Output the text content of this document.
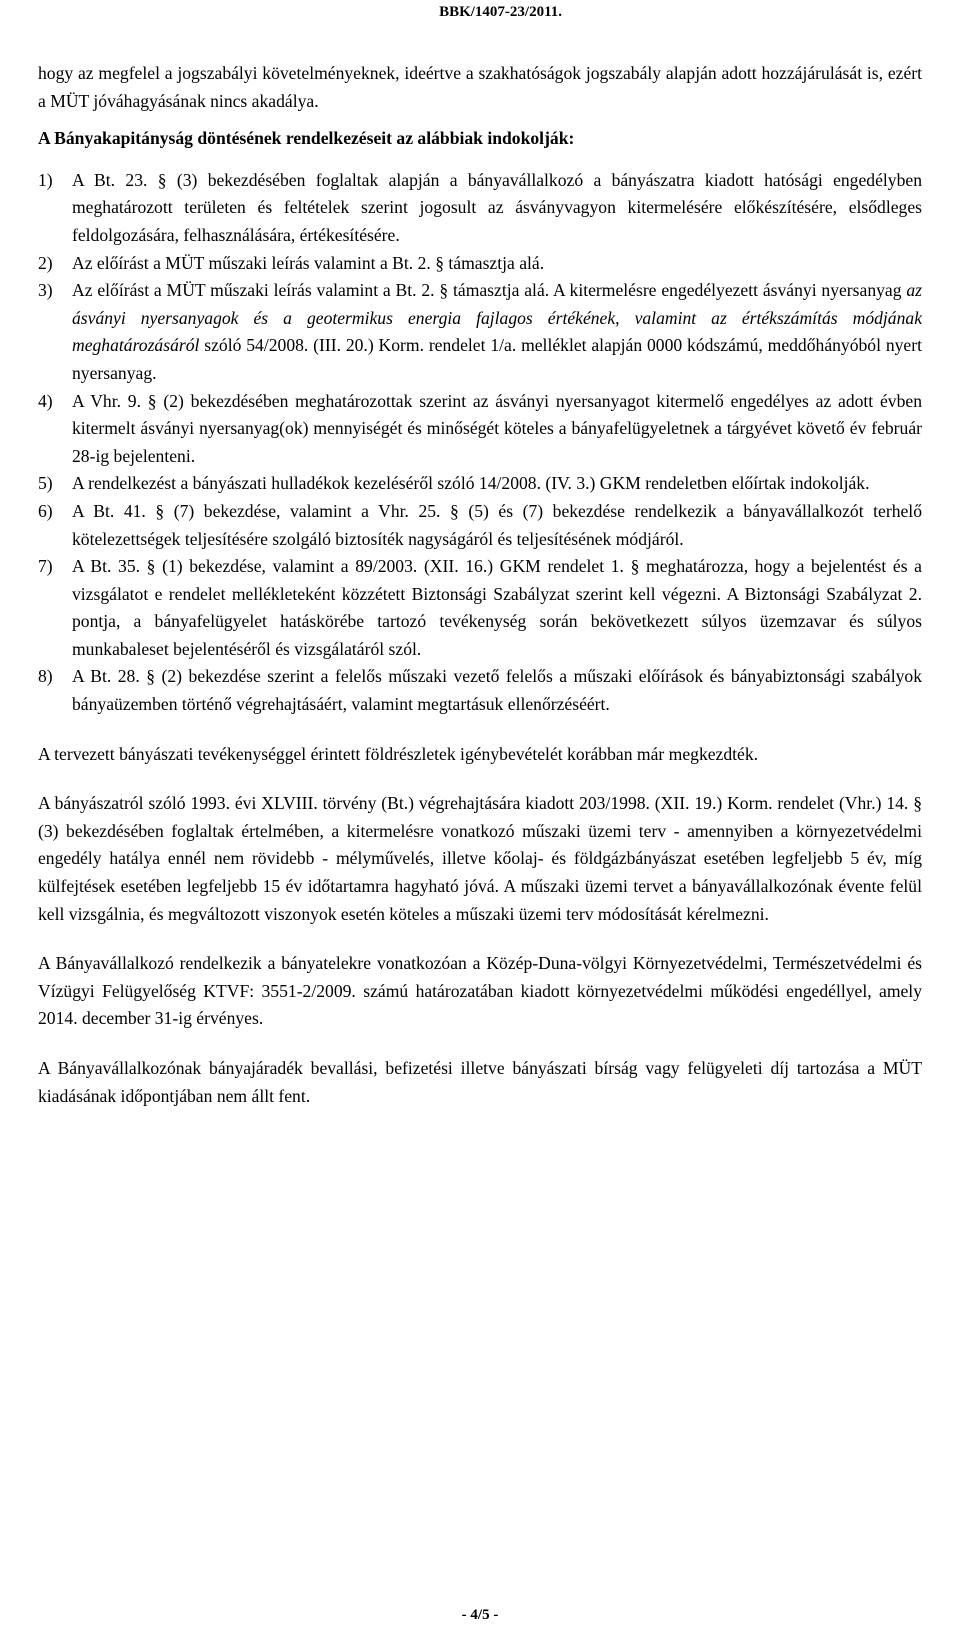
BBK/1407-23/2011.

hogy az megfelel a jogszabályi követelményeknek, ideértve a szakhatóságok jogszabály alapján adott hozzájárulását is, ezért a MÜT jóváhagyásának nincs akadálya.

A Bányakapitányság döntésének rendelkezéseit az alábbiak indokolják:

1) A Bt. 23. § (3) bekezdésében foglaltak alapján a bányavállalkozó a bányászatra kiadott hatósági engedélyben meghatározott területen és feltételek szerint jogosult az ásványvagyon kitermelésére előkészítésére, elsődleges feldolgozására, felhasználására, értékesítésére.
2) Az előírást a MÜT műszaki leírás valamint a Bt. 2. § támasztja alá.
3) Az előírást a MÜT műszaki leírás valamint a Bt. 2. § támasztja alá. A kitermelésre engedélyezett ásványi nyersanyag az ásványi nyersanyagok és a geotermikus energia fajlagos értékének, valamint az értékszámítás módjának meghatározásáról szóló 54/2008. (III. 20.) Korm. rendelet 1/a. melléklet alapján 0000 kódszámú, meddőhányóból nyert nyersanyag.
4) A Vhr. 9. § (2) bekezdésében meghatározottak szerint az ásványi nyersanyagot kitermelő engedélyes az adott évben kitermelt ásványi nyersanyag(ok) mennyiségét és minőségét köteles a bányafelügyeletnek a tárgyévet követő év február 28-ig bejelenteni.
5) A rendelkezést a bányászati hulladékok kezeléséről szóló 14/2008. (IV. 3.) GKM rendeletben előírtak indokolják.
6) A Bt. 41. § (7) bekezdése, valamint a Vhr. 25. § (5) és (7) bekezdése rendelkezik a bányavállalkozót terhelő kötelezettségek teljesítésére szolgáló biztosíték nagyságáról és teljesítésének módjáról.
7) A Bt. 35. § (1) bekezdése, valamint a 89/2003. (XII. 16.) GKM rendelet 1. § meghatározza, hogy a bejelentést és a vizsgálatot e rendelet mellékleteként közzétett Biztonsági Szabályzat szerint kell végezni. A Biztonsági Szabályzat 2. pontja, a bányafelügyelet hatáskörébe tartozó tevékenység során bekövetkezett súlyos üzemzavar és súlyos munkabaleset bejelentéséről és vizsgálatáról szól.
8) A Bt. 28. § (2) bekezdése szerint a felelős műszaki vezető felelős a műszaki előírások és bányabiztonsági szabályok bányaüzemben történő végrehajtásáért, valamint megtartásuk ellenőrzéséért.

A tervezett bányászati tevékenységgel érintett földrészletek igénybevételét korábban már megkezdték.

A bányászatról szóló 1993. évi XLVIII. törvény (Bt.) végrehajtására kiadott 203/1998. (XII. 19.) Korm. rendelet (Vhr.) 14. § (3) bekezdésében foglaltak értelmében, a kitermelésre vonatkozó műszaki üzemi terv - amennyiben a környezetvédelmi engedély hatálya ennél nem rövidebb - mélyművelés, illetve kőolaj- és földgázbányászat esetében legfeljebb 5 év, míg külfejtések esetében legfeljebb 15 év időtartamra hagyható jóvá. A műszaki üzemi tervet a bányavállalkozónak évente felül kell vizsgálnia, és megváltozott viszonyok esetén köteles a műszaki üzemi terv módosítását kérelmezni.

A Bányavállalkozó rendelkezik a bányatelekre vonatkozóan a Közép-Duna-völgyi Környezetvédelmi, Természetvédelmi és Vízügyi Felügyelőség KTVF: 3551-2/2009. számú határozatában kiadott környezetvédelmi működési engedéllyel, amely 2014. december 31-ig érvényes.

A Bányavállalkozónak bányajáradék bevallási, befizetési illetve bányászati bírság vagy felügyeleti díj tartozása a MÜT kiadásának időpontjában nem állt fent.

- 4/5 -
